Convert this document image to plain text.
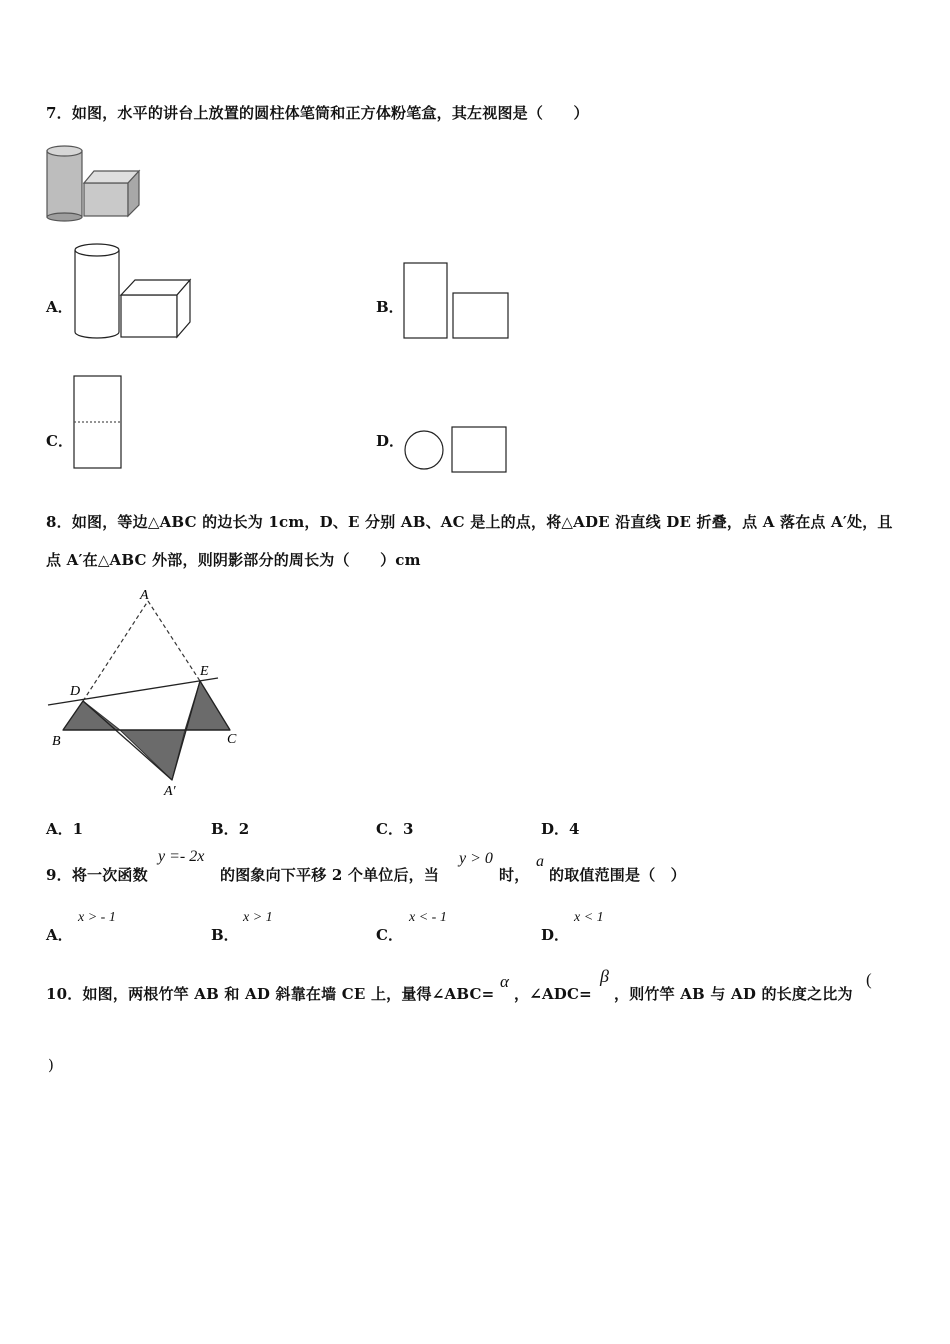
7．如图，水平的讲台上放置的圆柱体笔筒和正方体粉笔盒，其左视图是（　　）
A．	B．
C．	D．
8．如图，等边△ABC 的边长为 1cm，D、E 分别 AB、AC 是上的点，将△ADE 沿直线 DE 折叠，点 A 落在点 A′处，且
点 A′在△ABC 外部，则阴影部分的周长为（　　）cm
A
D
E
B	C
A′
A．1	B．2	C．3	D．4
9．将一次函数
y =- 2x
的图象向下平移 2 个单位后，当
y > 0
时，
a
的取值范围是（　）
A．
x > - 1
B．
x > 1
C．
x < - 1
D．
x < 1
10．如图，两根竹竿 AB 和 AD 斜靠在墙 CE 上，量得∠ABC=
α
，∠ADC=
β
，则竹竿 AB 与 AD 的长度之比为
(
)
